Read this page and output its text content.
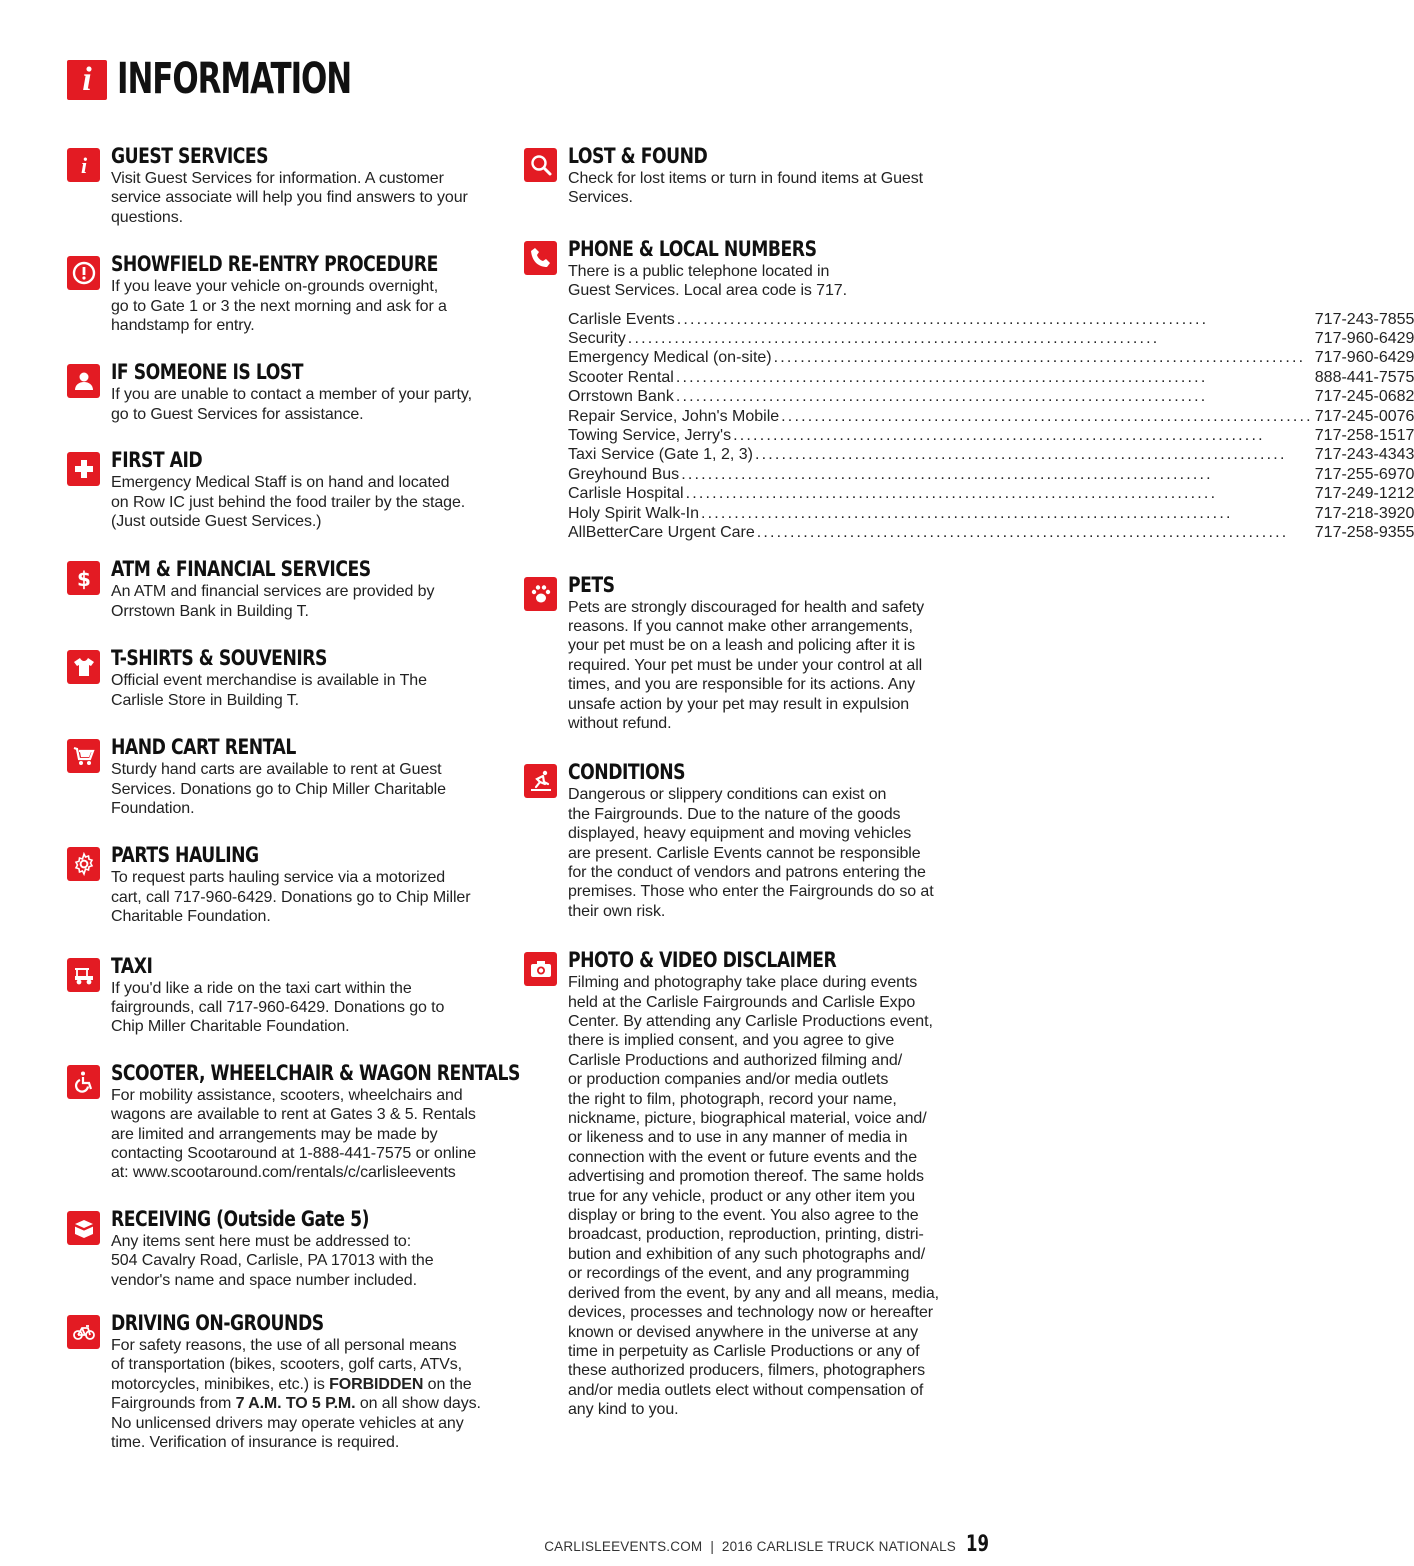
i INFORMATION
i GUEST SERVICES
Visit Guest Services for information. A customer
service associate will help you find answers to your
questions.
SHOWFIELD RE-ENTRY PROCEDURE
If you leave your vehicle on-grounds overnight,
go to Gate 1 or 3 the next morning and ask for a
handstamp for entry.
IF SOMEONE IS LOST
If you are unable to contact a member of your party,
go to Guest Services for assistance.
FIRST AID
Emergency Medical Staff is on hand and located
on Row IC just behind the food trailer by the stage.
(Just outside Guest Services.)
$ ATM & FINANCIAL SERVICES
An ATM and financial services are provided by
Orrstown Bank in Building T.
T-SHIRTS & SOUVENIRS
Official event merchandise is available in The
Carlisle Store in Building T.
HAND CART RENTAL
Sturdy hand carts are available to rent at Guest
Services. Donations go to Chip Miller Charitable
Foundation.
PARTS HAULING
To request parts hauling service via a motorized
cart, call 717-960-6429. Donations go to Chip Miller
Charitable Foundation.
TAXI
If you'd like a ride on the taxi cart within the
fairgrounds, call 717-960-6429. Donations go to
Chip Miller Charitable Foundation.
SCOOTER, WHEELCHAIR & WAGON RENTALS
For mobility assistance, scooters, wheelchairs and
wagons are available to rent at Gates 3 & 5. Rentals
are limited and arrangements may be made by
contacting Scootaround at 1-888-441-7575 or online
at: www.scootaround.com/rentals/c/carlisleevents
RECEIVING (Outside Gate 5)
Any items sent here must be addressed to:
504 Cavalry Road, Carlisle, PA 17013 with the
vendor's name and space number included.
DRIVING ON-GROUNDS
For safety reasons, the use of all personal means
of transportation (bikes, scooters, golf carts, ATVs,
motorcycles, minibikes, etc.) is FORBIDDEN on the
Fairgrounds from 7 A.M. TO 5 P.M. on all show days.
No unlicensed drivers may operate vehicles at any
time. Verification of insurance is required.
LOST & FOUND
Check for lost items or turn in found items at Guest
Services.
PHONE & LOCAL NUMBERS
There is a public telephone located in
Guest Services. Local area code is 717.
Carlisle Events ................................................................................	717-243-7855
Security ................................................................................	717-960-6429
Emergency Medical (on-site) ................................................................................ 717-960-6429
Scooter Rental ................................................................................	888-441-7575
Orrstown Bank ................................................................................	717-245-0682
Repair Service, John's Mobile ................................................................................ 717-245-0076
Towing Service, Jerry's ................................................................................	717-258-1517
Taxi Service (Gate 1, 2, 3) ................................................................................	717-243-4343
Greyhound Bus ................................................................................	717-255-6970
Carlisle Hospital ................................................................................	717-249-1212
Holy Spirit Walk-In ................................................................................	717-218-3920
AllBetterCare Urgent Care ................................................................................	717-258-9355
PETS
Pets are strongly discouraged for health and safety
reasons. If you cannot make other arrangements,
your pet must be on a leash and policing after it is
required. Your pet must be under your control at all
times, and you are responsible for its actions. Any
unsafe action by your pet may result in expulsion
without refund.
CONDITIONS
Dangerous or slippery conditions can exist on
the Fairgrounds. Due to the nature of the goods
displayed, heavy equipment and moving vehicles
are present. Carlisle Events cannot be responsible
for the conduct of vendors and patrons entering the
premises. Those who enter the Fairgrounds do so at
their own risk.
PHOTO & VIDEO DISCLAIMER
Filming and photography take place during events
held at the Carlisle Fairgrounds and Carlisle Expo
Center. By attending any Carlisle Productions event,
there is implied consent, and you agree to give
Carlisle Productions and authorized filming and/
or production companies and/or media outlets
the right to film, photograph, record your name,
nickname, picture, biographical material, voice and/
or likeness and to use in any manner of media in
connection with the event or future events and the
advertising and promotion thereof. The same holds
true for any vehicle, product or any other item you
display or bring to the event. You also agree to the
broadcast, production, reproduction, printing, distri-
bution and exhibition of any such photographs and/
or recordings of the event, and any programming
derived from the event, by any and all means, media,
devices, processes and technology now or hereafter
known or devised anywhere in the universe at any
time in perpetuity as Carlisle Productions or any of
these authorized producers, filmers, photographers
and/or media outlets elect without compensation of
any kind to you.
CARLISLEEVENTS.COM | 2016 CARLISLE TRUCK NATIONALS 19
